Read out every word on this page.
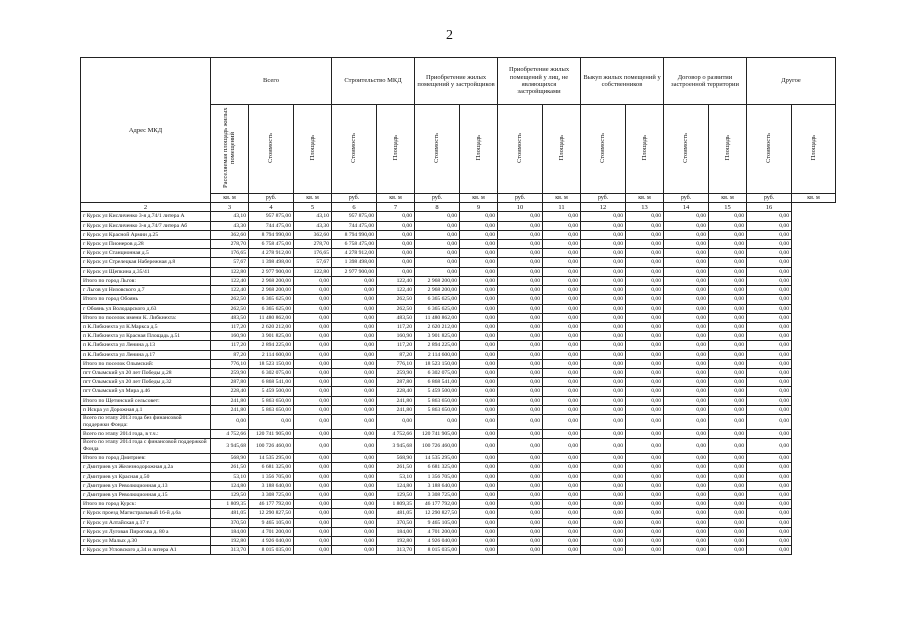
2
Адрес МКД	Всего			Строительство МКД		Приобретение жилых помещений у застройщиков		Приобретение жилых помещений у лиц, не являющихся застройщиками		Выкуп жилых помещений у собственников		Договор о развитии застроенной территории		Другое		
	Расселяемая площадь жилых помещений	Стоимость	Площадь	Стоимость	Площадь	Стоимость	Площадь	Стоимость	Площадь	Стоимость	Площадь	Стоимость	Площадь	Стоимость	Площадь	
	кв. м	руб.	кв. м	руб.	кв. м	руб.	кв. м	руб.	кв. м	руб.	кв. м	руб.	кв. м	руб.	кв. м	
2	3	4	5	6	7	8	9	10	11	12	13	14	15	16		
г Курск ул Кисличенко 3-я д.74/1 литера А	43,10	957 875,00	43,10	957 875,00	0,00	0,00	0,00	0,00	0,00	0,00	0,00	0,00	0,00	0,00		
г Курск ул Кисличенко 3-я д.74/7 литера Аб	43,30	744 475,00	43,30	744 475,00	0,00	0,00	0,00	0,00	0,00	0,00	0,00	0,00	0,00	0,00		
г Курск ул Красной Армии д.25	362,60	8 794 990,00	362,60	8 794 990,00	0,00	0,00	0,00	0,00	0,00	0,00	0,00	0,00	0,00	0,00		
г Курск ул Пионеров д.28	278,70	6 758 475,00	278,70	6 758 475,00	0,00	0,00	0,00	0,00	0,00	0,00	0,00	0,00	0,00	0,00		
г Курск ул Станционная д.5	176,65	4 278 912,00	176,65	4 278 912,00	0,00	0,00	0,00	0,00	0,00	0,00	0,00	0,00	0,00	0,00		
г Курск ул Стрелецкая Набережная д.8	57,67	1 398 498,00	57,67	1 398 498,00	0,00	0,00	0,00	0,00	0,00	0,00	0,00	0,00	0,00	0,00		
г Курск ул Щепкина д.35/41	122,80	2 977 900,00	122,80	2 977 900,00	0,00	0,00	0,00	0,00	0,00	0,00	0,00	0,00	0,00	0,00		
Итого по город Льгов:	122,40	2 968 200,00	0,00	0,00	122,40	2 968 200,00	0,00	0,00	0,00	0,00	0,00	0,00	0,00	0,00		
г Льгов ул Низовского д.7	122,40	2 968 200,00	0,00	0,00	122,40	2 968 200,00	0,00	0,00	0,00	0,00	0,00	0,00	0,00	0,00		
Итого по город Обоянь	262,50	6 365 625,00	0,00	0,00	262,50	6 365 625,00	0,00	0,00	0,00	0,00	0,00	0,00	0,00	0,00		
г Обоянь ул Володарского д.63	262,50	6 365 625,00	0,00	0,00	262,50	6 365 625,00	0,00	0,00	0,00	0,00	0,00	0,00	0,00	0,00		
Итого по поселок имени К. Либкнехта:	483,50	11 480 862,00	0,00	0,00	483,50	11 480 862,00	0,00	0,00	0,00	0,00	0,00	0,00	0,00	0,00		
п К.Либкнехта ул К.Маркса д.5	117,20	2 620 212,00	0,00	0,00	117,20	2 620 212,00	0,00	0,00	0,00	0,00	0,00	0,00	0,00	0,00		
п К.Либкнехта ул Красная Площадь д.51	160,90	3 901 825,00	0,00	0,00	160,90	3 901 825,00	0,00	0,00	0,00	0,00	0,00	0,00	0,00	0,00		
п К.Либкнехта ул Ленина д.13	117,20	2 894 225,00	0,00	0,00	117,20	2 894 225,00	0,00	0,00	0,00	0,00	0,00	0,00	0,00	0,00		
п К.Либкнехта ул Ленина д.17	87,20	2 114 600,00	0,00	0,00	87,20	2 114 600,00	0,00	0,00	0,00	0,00	0,00	0,00	0,00	0,00		
Итого по поселок Олымский:	776,10	18 523 150,00	0,00	0,00	776,10	18 523 150,00	0,00	0,00	0,00	0,00	0,00	0,00	0,00	0,00		
пгт Олымский ул 20 лет Победы д.28	259,90	6 302 075,00	0,00	0,00	259,90	6 302 075,00	0,00	0,00	0,00	0,00	0,00	0,00	0,00	0,00		
пгт Олымский ул 20 лет Победы д.32	287,80	6 868 541,00	0,00	0,00	287,80	6 868 541,00	0,00	0,00	0,00	0,00	0,00	0,00	0,00	0,00		
пгт Олымский ул Мира д.46	228,40	5 459 500,00	0,00	0,00	228,40	5 459 500,00	0,00	0,00	0,00	0,00	0,00	0,00	0,00	0,00		
Итого по Щетинский сельсовет:	241,80	5 863 650,00	0,00	0,00	241,80	5 863 650,00	0,00	0,00	0,00	0,00	0,00	0,00	0,00	0,00		
п Искра ул Дорожная д.1	241,80	5 863 650,00	0,00	0,00	241,80	5 863 650,00	0,00	0,00	0,00	0,00	0,00	0,00	0,00	0,00		
Всего по этапу 2013 года без финансовой поддержки Фонда:	0,00	0,00	0,00	0,00	0,00	0,00	0,00	0,00	0,00	0,00	0,00	0,00	0,00	0,00		
Всего по этапу 2014 года, в т.ч.:	4 752,66	120 741 905,00	0,00	0,00	4 752,66	120 741 905,00	0,00	0,00	0,00	0,00	0,00	0,00	0,00	0,00		
Всего по этапу 2014 года с финансовой поддержкой Фонда	3 945,68	100 726 460,00	0,00	0,00	3 945,68	100 726 460,00	0,00	0,00	0,00	0,00	0,00	0,00	0,00	0,00		
Итого по город Дмитриев:	568,90	14 535 295,00	0,00	0,00	568,90	14 535 295,00	0,00	0,00	0,00	0,00	0,00	0,00	0,00	0,00		
г Дмитриев ул Железнодорожная д.2а	261,50	6 681 325,00	0,00	0,00	261,50	6 681 325,00	0,00	0,00	0,00	0,00	0,00	0,00	0,00	0,00		
г Дмитриев ул Красная д.50	53,10	1 356 705,00	0,00	0,00	53,10	1 356 705,00	0,00	0,00	0,00	0,00	0,00	0,00	0,00	0,00		
г Дмитриев ул Революционная д.13	124,80	3 188 640,00	0,00	0,00	124,80	3 188 640,00	0,00	0,00	0,00	0,00	0,00	0,00	0,00	0,00		
г Дмитриев ул Революционная д.15	129,50	3 308 725,00	0,00	0,00	129,50	3 308 725,00	0,00	0,00	0,00	0,00	0,00	0,00	0,00	0,00		
Итого по город Курск:	1 809,35	46 177 792,00	0,00	0,00	1 809,35	46 177 792,00	0,00	0,00	0,00	0,00	0,00	0,00	0,00	0,00		
г Курск проезд Магистральный 16-й д.6а	481,05	12 290 827,50	0,00	0,00	481,05	12 290 827,50	0,00	0,00	0,00	0,00	0,00	0,00	0,00	0,00		
г Курск ул Алтайская д.17 г	370,50	9 465 105,00	0,00	0,00	370,50	9 465 105,00	0,00	0,00	0,00	0,00	0,00	0,00	0,00	0,00		
г Курск ул Луговая Пирогова д. 80 а	184,00	4 701 200,00	0,00	0,00	184,00	4 701 200,00	0,00	0,00	0,00	0,00	0,00	0,00	0,00	0,00		
г Курск ул Малых д.30	192,80	4 926 040,00	0,00	0,00	192,80	4 926 040,00	0,00	0,00	0,00	0,00	0,00	0,00	0,00	0,00		
г Курск ул Угловского д.34 и литера А1	313,70	8 015 035,00	0,00	0,00	313,70	8 015 035,00	0,00	0,00	0,00	0,00	0,00	0,00	0,00	0,00		
